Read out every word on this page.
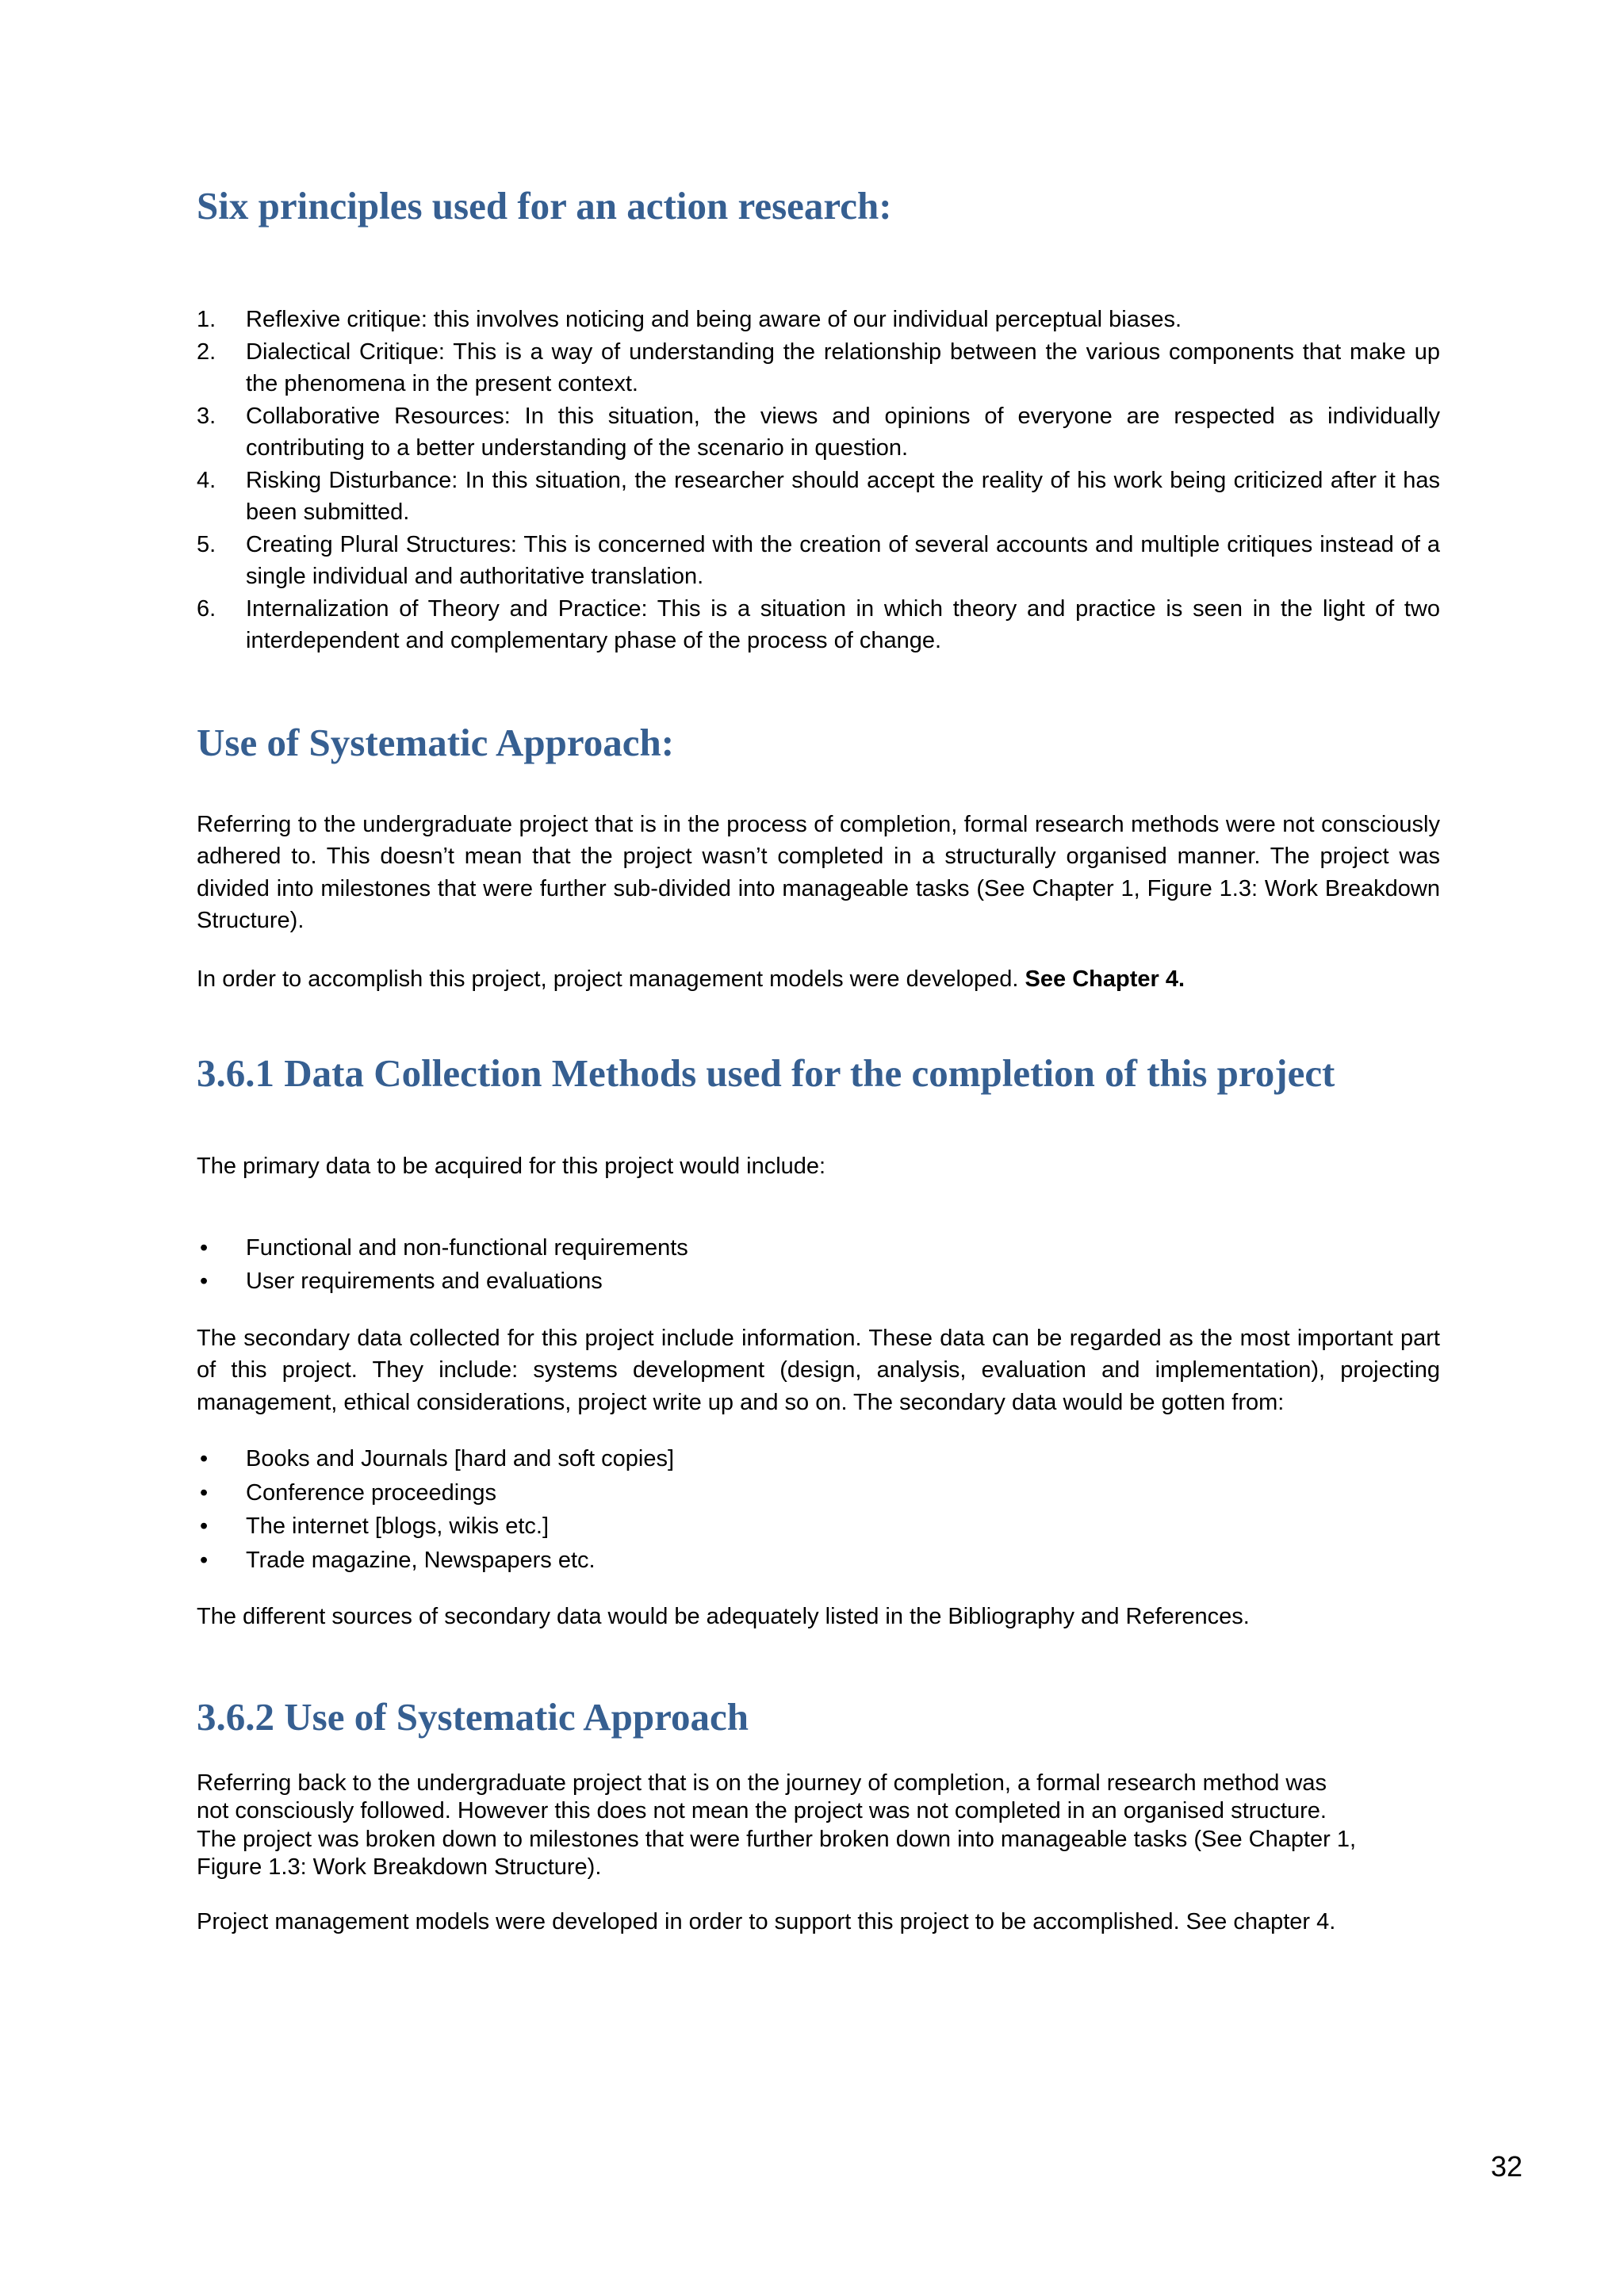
Six principles used for an action research:
1. Reflexive critique: this involves noticing and being aware of our individual perceptual biases.
2. Dialectical Critique: This is a way of understanding the relationship between the various components that make up the phenomena in the present context.
3. Collaborative Resources: In this situation, the views and opinions of everyone are respected as individually contributing to a better understanding of the scenario in question.
4. Risking Disturbance: In this situation, the researcher should accept the reality of his work being criticized after it has been submitted.
5. Creating Plural Structures: This is concerned with the creation of several accounts and multiple critiques instead of a single individual and authoritative translation.
6. Internalization of Theory and Practice: This is a situation in which theory and practice is seen in the light of two interdependent and complementary phase of the process of change.
Use of Systematic Approach:

Referring to the undergraduate project that is in the process of completion, formal research methods were not consciously adhered to. This doesn’t mean that the project wasn’t completed in a structurally organised manner. The project was divided into milestones that were further sub-divided into manageable tasks (See Chapter 1, Figure 1.3: Work Breakdown Structure).

In order to accomplish this project, project management models were developed. See Chapter 4.

3.6.1 Data Collection Methods used for the completion of this project

The primary data to be acquired for this project would include:

• Functional and non-functional requirements
• User requirements and evaluations

The secondary data collected for this project include information. These data can be regarded as the most important part of this project. They include: systems development (design, analysis, evaluation and implementation), projecting management, ethical considerations, project write up and so on. The secondary data would be gotten from:

• Books and Journals [hard and soft copies]
• Conference proceedings
• The internet [blogs, wikis etc.]
• Trade magazine, Newspapers etc.

The different sources of secondary data would be adequately listed in the Bibliography and References.

3.6.2 Use of Systematic Approach
Referring back to the undergraduate project that is on the journey of completion, a formal research method was
not consciously followed. However this does not mean the project was not completed in an organised structure.
The project was broken down to milestones that were further broken down into manageable tasks (See Chapter 1,
Figure 1.3: Work Breakdown Structure).

Project management models were developed in order to support this project to be accomplished. See chapter 4.

32
